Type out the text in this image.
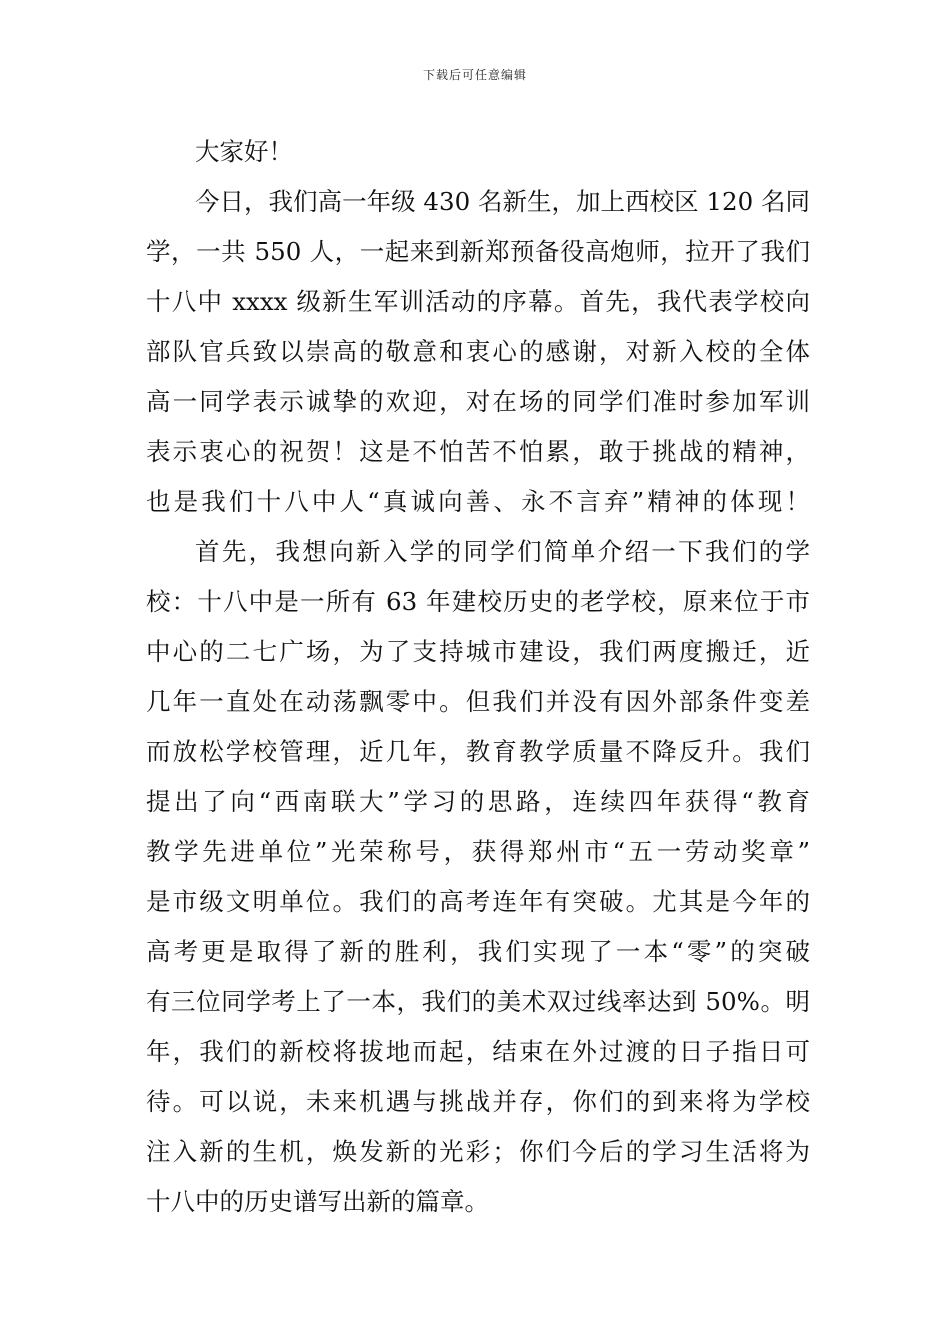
下载后可任意编辑
大家好！
今日，我们高一年级 430 名新生，加上西校区 120 名同
学，一共 550 人，一起来到新郑预备役高炮师，拉开了我们
十八中 xxxx 级新生军训活动的序幕。首先，我代表学校向
部队官兵致以崇高的敬意和衷心的感谢，对新入校的全体
高一同学表示诚挚的欢迎，对在场的同学们准时参加军训
表示衷心的祝贺！这是不怕苦不怕累，敢于挑战的精神，
也是我们十八中人“真诚向善、永不言弃”精神的体现！
首先，我想向新入学的同学们简单介绍一下我们的学
校：十八中是一所有 63 年建校历史的老学校，原来位于市
中心的二七广场，为了支持城市建设，我们两度搬迁，近
几年一直处在动荡飘零中。但我们并没有因外部条件变差
而放松学校管理，近几年，教育教学质量不降反升。我们
提出了向“西南联大”学习的思路，连续四年获得“教育
教学先进单位”光荣称号，获得郑州市“五一劳动奖章”
是市级文明单位。我们的高考连年有突破。尤其是今年的
高考更是取得了新的胜利，我们实现了一本“零”的突破
有三位同学考上了一本，我们的美术双过线率达到 50%。明
年，我们的新校将拔地而起，结束在外过渡的日子指日可
待。可以说，未来机遇与挑战并存，你们的到来将为学校
注入新的生机，焕发新的光彩；你们今后的学习生活将为
十八中的历史谱写出新的篇章。
